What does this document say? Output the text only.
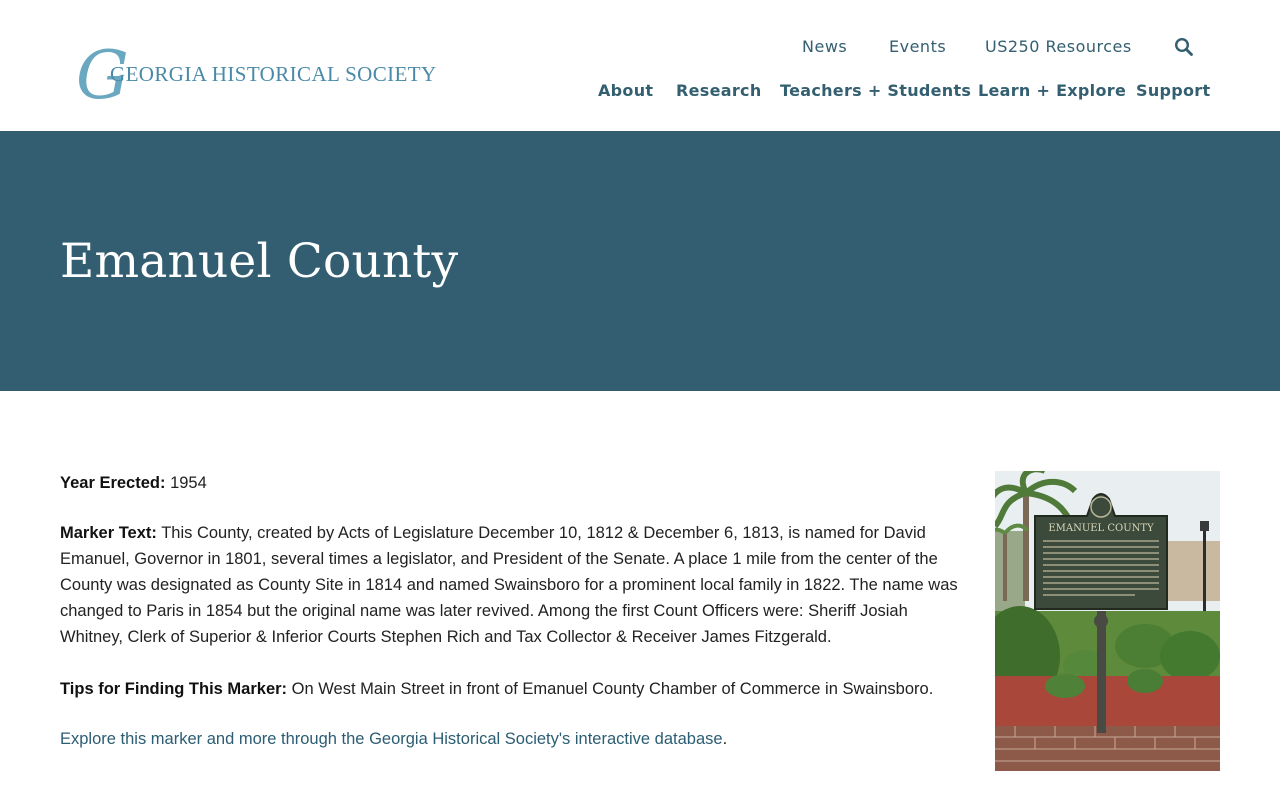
G
GEORGIA HISTORICAL SOCIETY
News	Events US250 Resources
About Research Teachers + Students Learn + Explore Support
Emanuel County

Year Erected: 1954

Marker Text: This County, created by Acts of Legislature December 10, 1812 & December 6, 1813, is named for David Emanuel, Governor in 1801, several times a legislator, and President of the Senate. A place 1 mile from the center of the County was designated as County Site in 1814 and named Swainsboro for a prominent local family in 1822. The name was changed to Paris in 1854 but the original name was later revived. Among the first Count Officers were: Sheriff Josiah Whitney, Clerk of Superior & Inferior Courts Stephen Rich and Tax Collector & Receiver James Fitzgerald.

Tips for Finding This Marker: On West Main Street in front of Emanuel County Chamber of Commerce in Swainsboro.

Explore this marker and more through the Georgia Historical Society's interactive database.

EMANUEL COUNTY
